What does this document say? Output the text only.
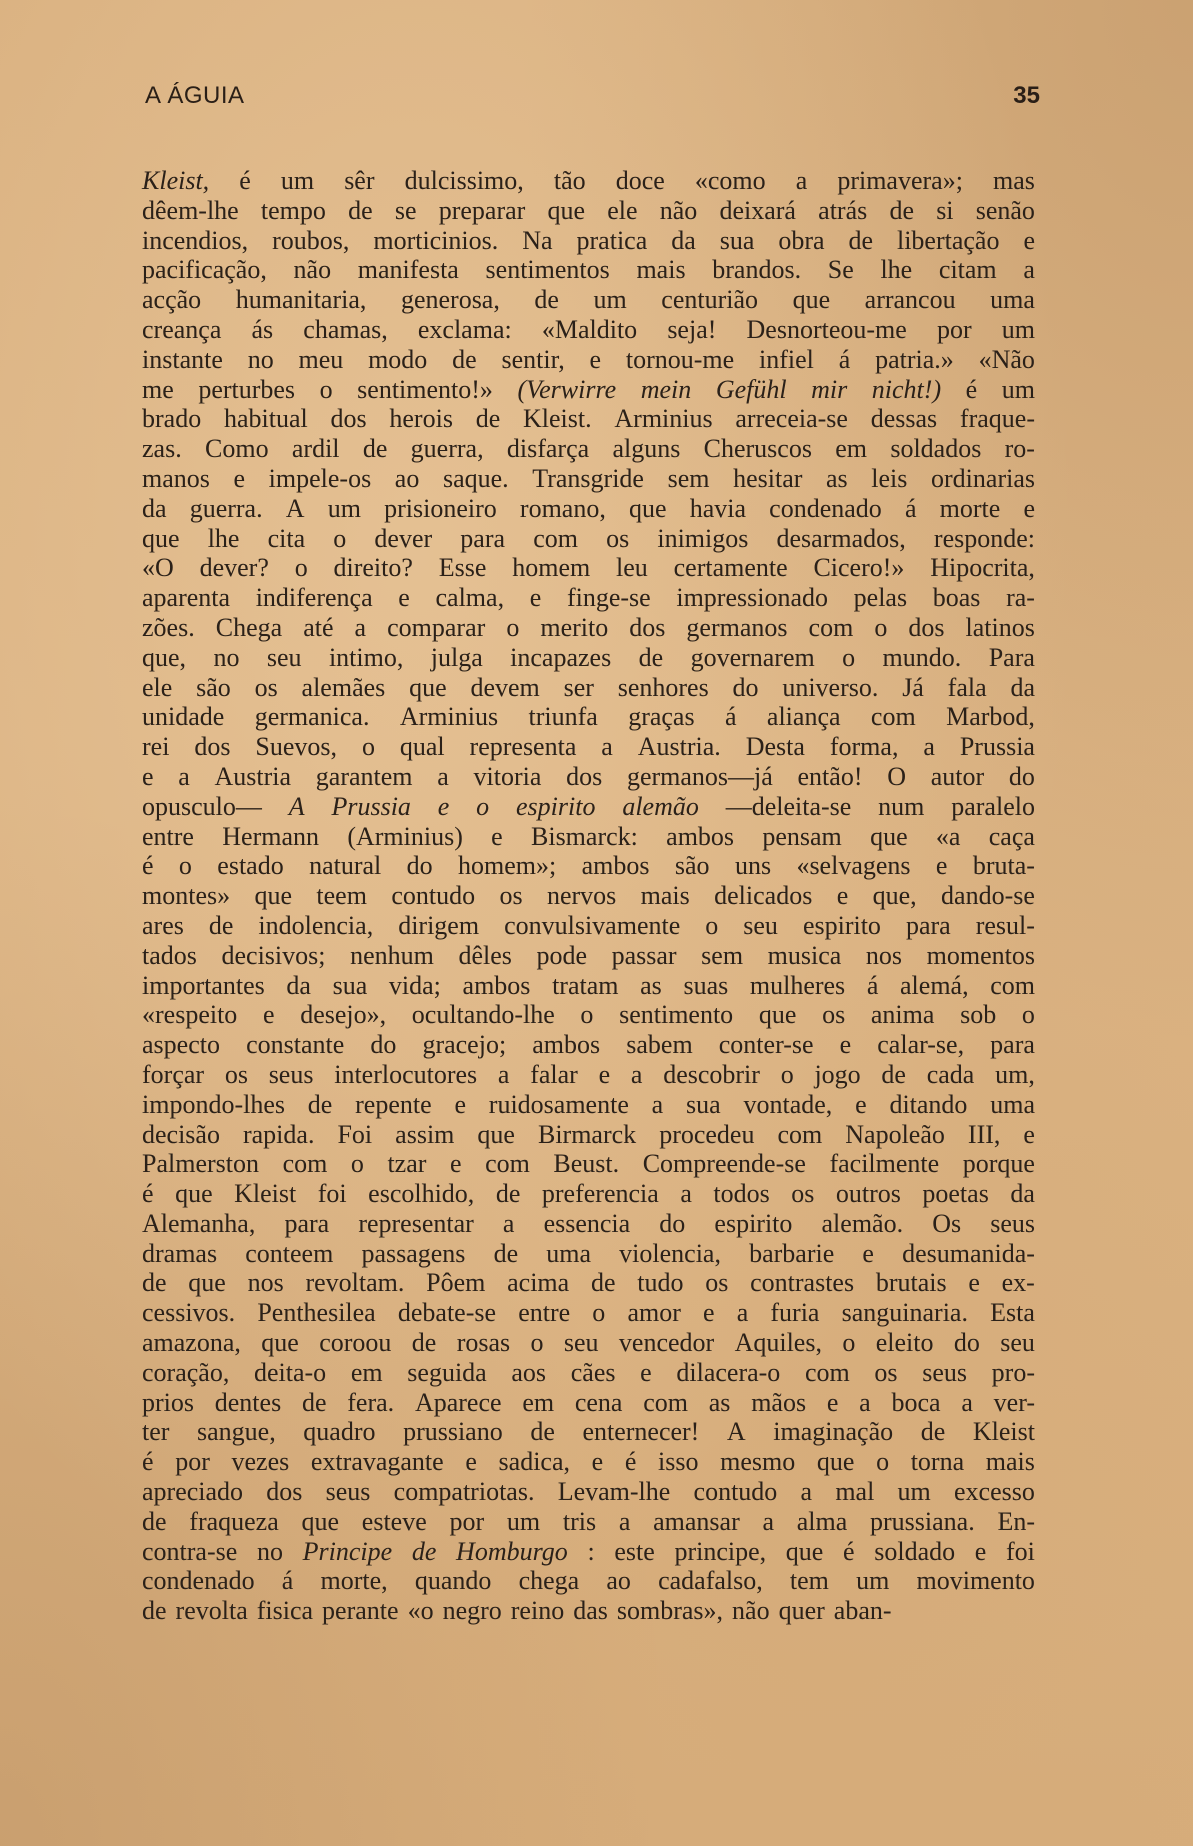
A ÁGUIA	35
Kleist, é um sêr dulcissimo, tão doce «como a primavera»; mas
dêem-lhe tempo de se preparar que ele não deixará atrás de si senão
incendios, roubos, morticinios. Na pratica da sua obra de libertação e
pacificação, não manifesta sentimentos mais brandos. Se lhe citam a
acção humanitaria, generosa, de um centurião que arrancou uma
creança ás chamas, exclama: «Maldito seja! Desnorteou-me por um
instante no meu modo de sentir, e tornou-me infiel á patria.» «Não
me perturbes o sentimento!» (Verwirre mein Gefühl mir nicht!) é um
brado habitual dos herois de Kleist. Arminius arreceia-se dessas fraque-
zas. Como ardil de guerra, disfarça alguns Cheruscos em soldados ro-
manos e impele-os ao saque. Transgride sem hesitar as leis ordinarias
da guerra. A um prisioneiro romano, que havia condenado á morte e
que lhe cita o dever para com os inimigos desarmados, responde:
«O dever? o direito? Esse homem leu certamente Cicero!» Hipocrita,
aparenta indiferença e calma, e finge-se impressionado pelas boas ra-
zões. Chega até a comparar o merito dos germanos com o dos latinos
que, no seu intimo, julga incapazes de governarem o mundo. Para
ele são os alemães que devem ser senhores do universo. Já fala da
unidade germanica. Arminius triunfa graças á aliança com Marbod,
rei dos Suevos, o qual representa a Austria. Desta forma, a Prussia
e a Austria garantem a vitoria dos germanos—já então! O autor do
opusculo— A Prussia e o espirito alemão —deleita-se num paralelo
entre Hermann (Arminius) e Bismarck: ambos pensam que «a caça
é o estado natural do homem»; ambos são uns «selvagens e bruta-
montes» que teem contudo os nervos mais delicados e que, dando-se
ares de indolencia, dirigem convulsivamente o seu espirito para resul-
tados decisivos; nenhum dêles pode passar sem musica nos momentos
importantes da sua vida; ambos tratam as suas mulheres á alemá, com
«respeito e desejo», ocultando-lhe o sentimento que os anima sob o
aspecto constante do gracejo; ambos sabem conter-se e calar-se, para
forçar os seus interlocutores a falar e a descobrir o jogo de cada um,
impondo-lhes de repente e ruidosamente a sua vontade, e ditando uma
decisão rapida. Foi assim que Birmarck procedeu com Napoleão III, e
Palmerston com o tzar e com Beust. Compreende-se facilmente porque
é que Kleist foi escolhido, de preferencia a todos os outros poetas da
Alemanha, para representar a essencia do espirito alemão. Os seus
dramas conteem passagens de uma violencia, barbarie e desumanida-
de que nos revoltam. Pôem acima de tudo os contrastes brutais e ex-
cessivos. Penthesilea debate-se entre o amor e a furia sanguinaria. Esta
amazona, que coroou de rosas o seu vencedor Aquiles, o eleito do seu
coração, deita-o em seguida aos cães e dilacera-o com os seus pro-
prios dentes de fera. Aparece em cena com as mãos e a boca a ver-
ter sangue, quadro prussiano de enternecer! A imaginação de Kleist
é por vezes extravagante e sadica, e é isso mesmo que o torna mais
apreciado dos seus compatriotas. Levam-lhe contudo a mal um excesso
de fraqueza que esteve por um tris a amansar a alma prussiana. En-
contra-se no Principe de Homburgo : este principe, que é soldado e foi
condenado á morte, quando chega ao cadafalso, tem um movimento
de revolta fisica perante «o negro reino das sombras», não quer aban-
